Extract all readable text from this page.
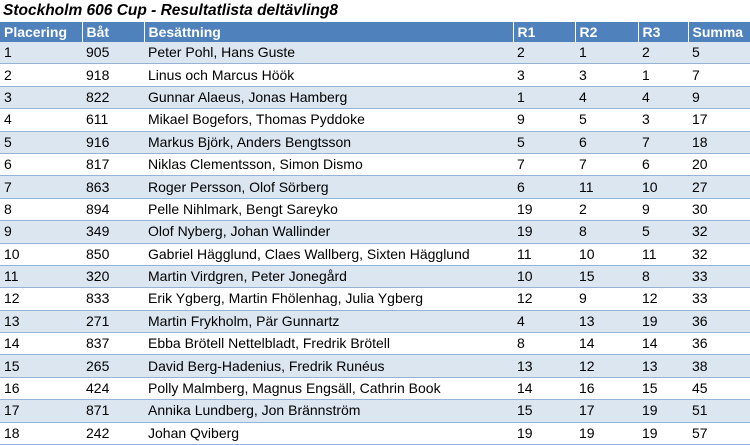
Stockholm 606 Cup - Resultatlista deltävling8
Placering	Båt	Besättning	R1	R2	R3	Summa
1	905	Peter Pohl, Hans Guste	2	1	2	5
2	918	Linus och Marcus Höök	3	3	1	7
3	822	Gunnar Alaeus, Jonas Hamberg	1	4	4	9
4	611	Mikael Bogefors, Thomas Pyddoke	9	5	3	17
5	916	Markus Björk, Anders Bengtsson	5	6	7	18
6	817	Niklas Clementsson, Simon Dismo	7	7	6	20
7	863	Roger Persson, Olof Sörberg	6	11	10	27
8	894	Pelle Nihlmark, Bengt Sareyko	19	2	9	30
9	349	Olof Nyberg, Johan Wallinder	19	8	5	32
10	850	Gabriel Hägglund, Claes Wallberg, Sixten Hägglund	11	10	11	32
11	320	Martin Virdgren, Peter Jonegård	10	15	8	33
12	833	Erik Ygberg, Martin Fhölenhag, Julia Ygberg	12	9	12	33
13	271	Martin Frykholm, Pär Gunnartz	4	13	19	36
14	837	Ebba Brötell Nettelbladt, Fredrik Brötell	8	14	14	36
15	265	David Berg-Hadenius, Fredrik Runéus	13	12	13	38
16	424	Polly Malmberg, Magnus Engsäll, Cathrin Book	14	16	15	45
17	871	Annika Lundberg, Jon Brännström	15	17	19	51
18	242	Johan Qviberg	19	19	19	57
